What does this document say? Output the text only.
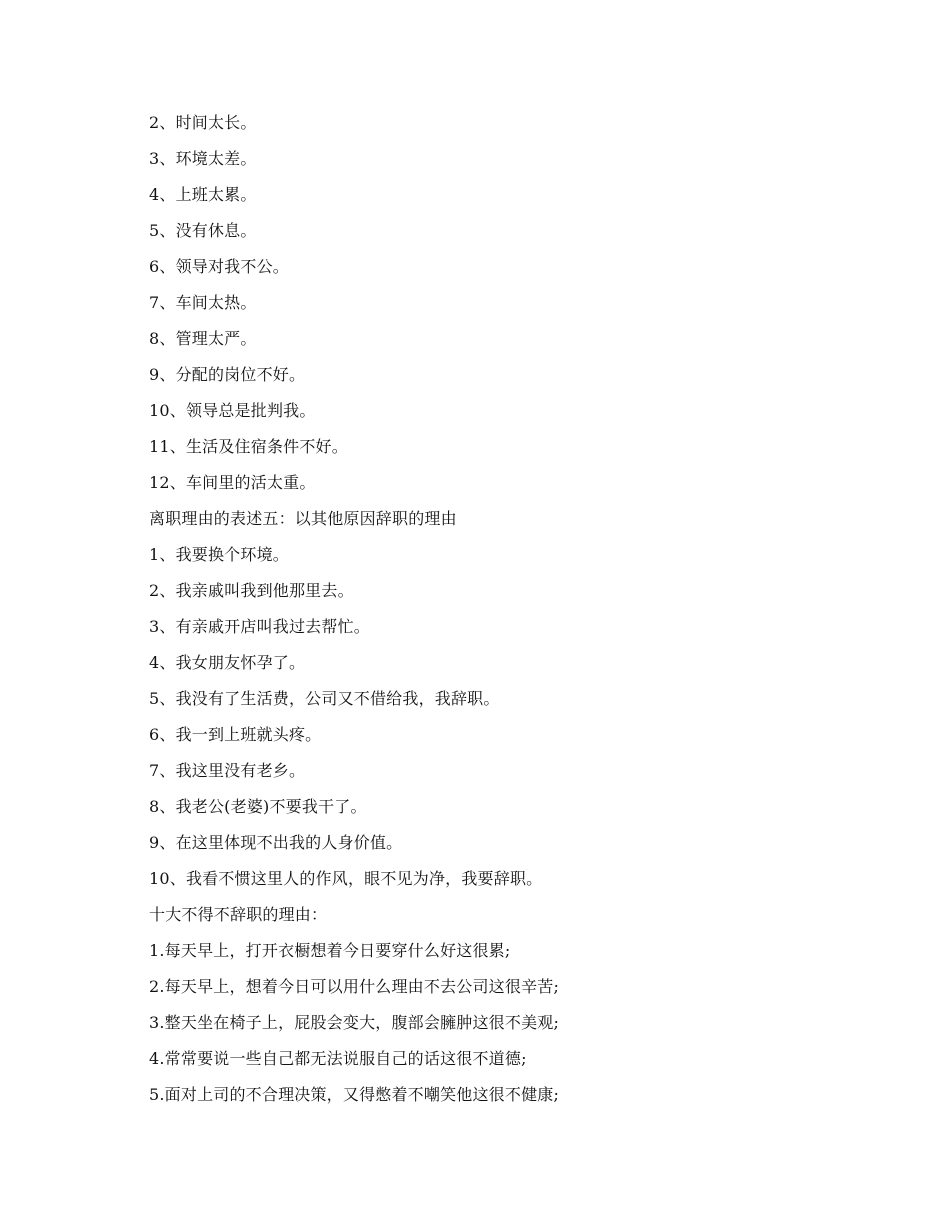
2、时间太长。
3、环境太差。
4、上班太累。
5、没有休息。
6、领导对我不公。
7、车间太热。
8、管理太严。
9、分配的岗位不好。
10、领导总是批判我。
11、生活及住宿条件不好。
12、车间里的活太重。
离职理由的表述五：以其他原因辞职的理由
1、我要换个环境。
2、我亲戚叫我到他那里去。
3、有亲戚开店叫我过去帮忙。
4、我女朋友怀孕了。
5、我没有了生活费，公司又不借给我，我辞职。
6、我一到上班就头疼。
7、我这里没有老乡。
8、我老公(老婆)不要我干了。
9、在这里体现不出我的人身价值。
10、我看不惯这里人的作风，眼不见为净，我要辞职。
十大不得不辞职的理由：
1.每天早上，打开衣橱想着今日要穿什么好这很累;
2.每天早上，想着今日可以用什么理由不去公司这很辛苦;
3.整天坐在椅子上，屁股会变大，腹部会臃肿这很不美观;
4.常常要说一些自己都无法说服自己的话这很不道德;
5.面对上司的不合理决策，又得憋着不嘲笑他这很不健康;
